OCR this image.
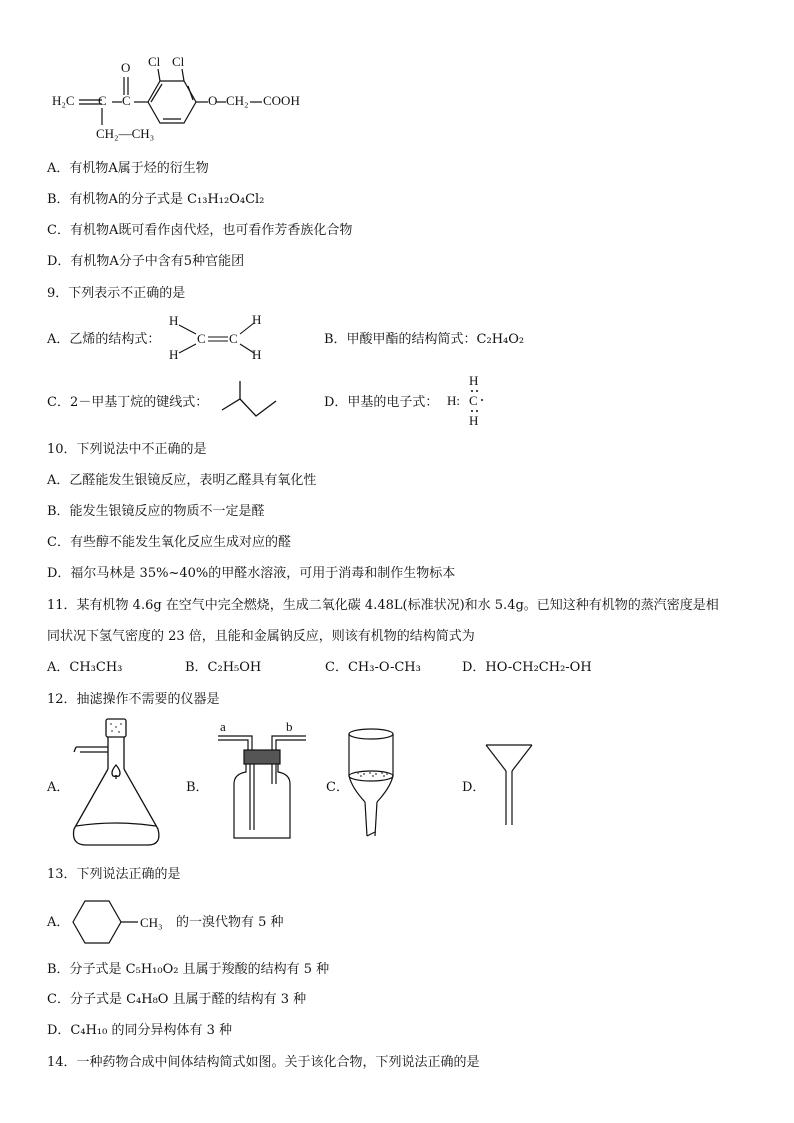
H₂C C C
O Cl Cl
O CH₂ COOH
CH₂—CH₃
A．有机物A属于烃的衍生物
B．有机物A的分子式是 C₁₃H₁₂O₄Cl₂
C．有机物A既可看作卤代烃，也可看作芳香族化合物
D．有机物A分子中含有5种官能团
9．下列表示不正确的是
A．乙烯的结构式：
H
H
C C
H
H
B．甲酸甲酯的结构简式：C₂H₄O₂
C．2－甲基丁烷的键线式：	D．甲基的电子式：
H
H: C
H
10．下列说法中不正确的是
A．乙醛能发生银镜反应，表明乙醛具有氧化性
B．能发生银镜反应的物质不一定是醛
C．有些醇不能发生氧化反应生成对应的醛
D．福尔马林是 35%~40%的甲醛水溶液，可用于消毒和制作生物标本
11．某有机物 4.6g 在空气中完全燃烧，生成二氧化碳 4.48L(标准状况)和水 5.4g。已知这种有机物的蒸汽密度是相
同状况下氢气密度的 23 倍，且能和金属钠反应，则该有机物的结构简式为
A．CH₃CH₃	B．C₂H₅OH	C．CH₃-O-CH₃	D．HO-CH₂CH₂-OH
12．抽滤操作不需要的仪器是
A．	B．
a	b
C．	D．
13．下列说法正确的是
A．	CH₃ 的一溴代物有 5 种
B．分子式是 C₅H₁₀O₂ 且属于羧酸的结构有 5 种
C．分子式是 C₄H₈O 且属于醛的结构有 3 种
D．C₄H₁₀ 的同分异构体有 3 种
14．一种药物合成中间体结构简式如图。关于该化合物，下列说法正确的是
